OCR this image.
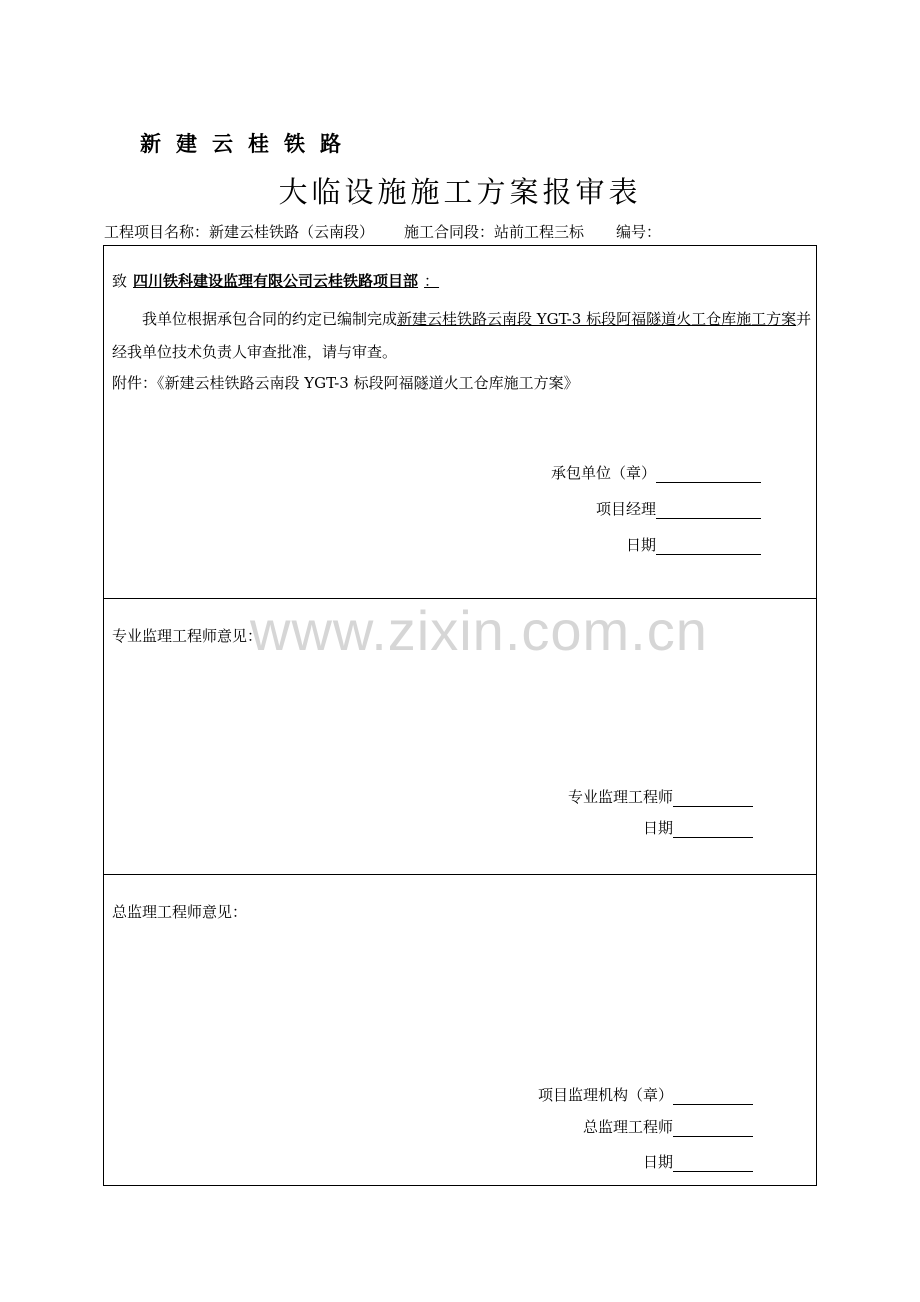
新建云桂铁路
大临设施施工方案报审表
工程项目名称：新建云桂铁路（云南段） 施工合同段：站前工程三标 编号：
致 四川铁科建设监理有限公司云桂铁路项目部 ：
我单位根据承包合同的约定已编制完成新建云桂铁路云南段 YGT-3 标段阿福隧道火工仓库施工方案并经我单位技术负责人审查批准，请与审查。
附件：《新建云桂铁路云南段 YGT-3 标段阿福隧道火工仓库施工方案》
承包单位（章）
项目经理
日期

专业监理工程师意见：
专业监理工程师
日期

总监理工程师意见：
项目监理机构（章）
总监理工程师
日期
www.zixin.com.cn
